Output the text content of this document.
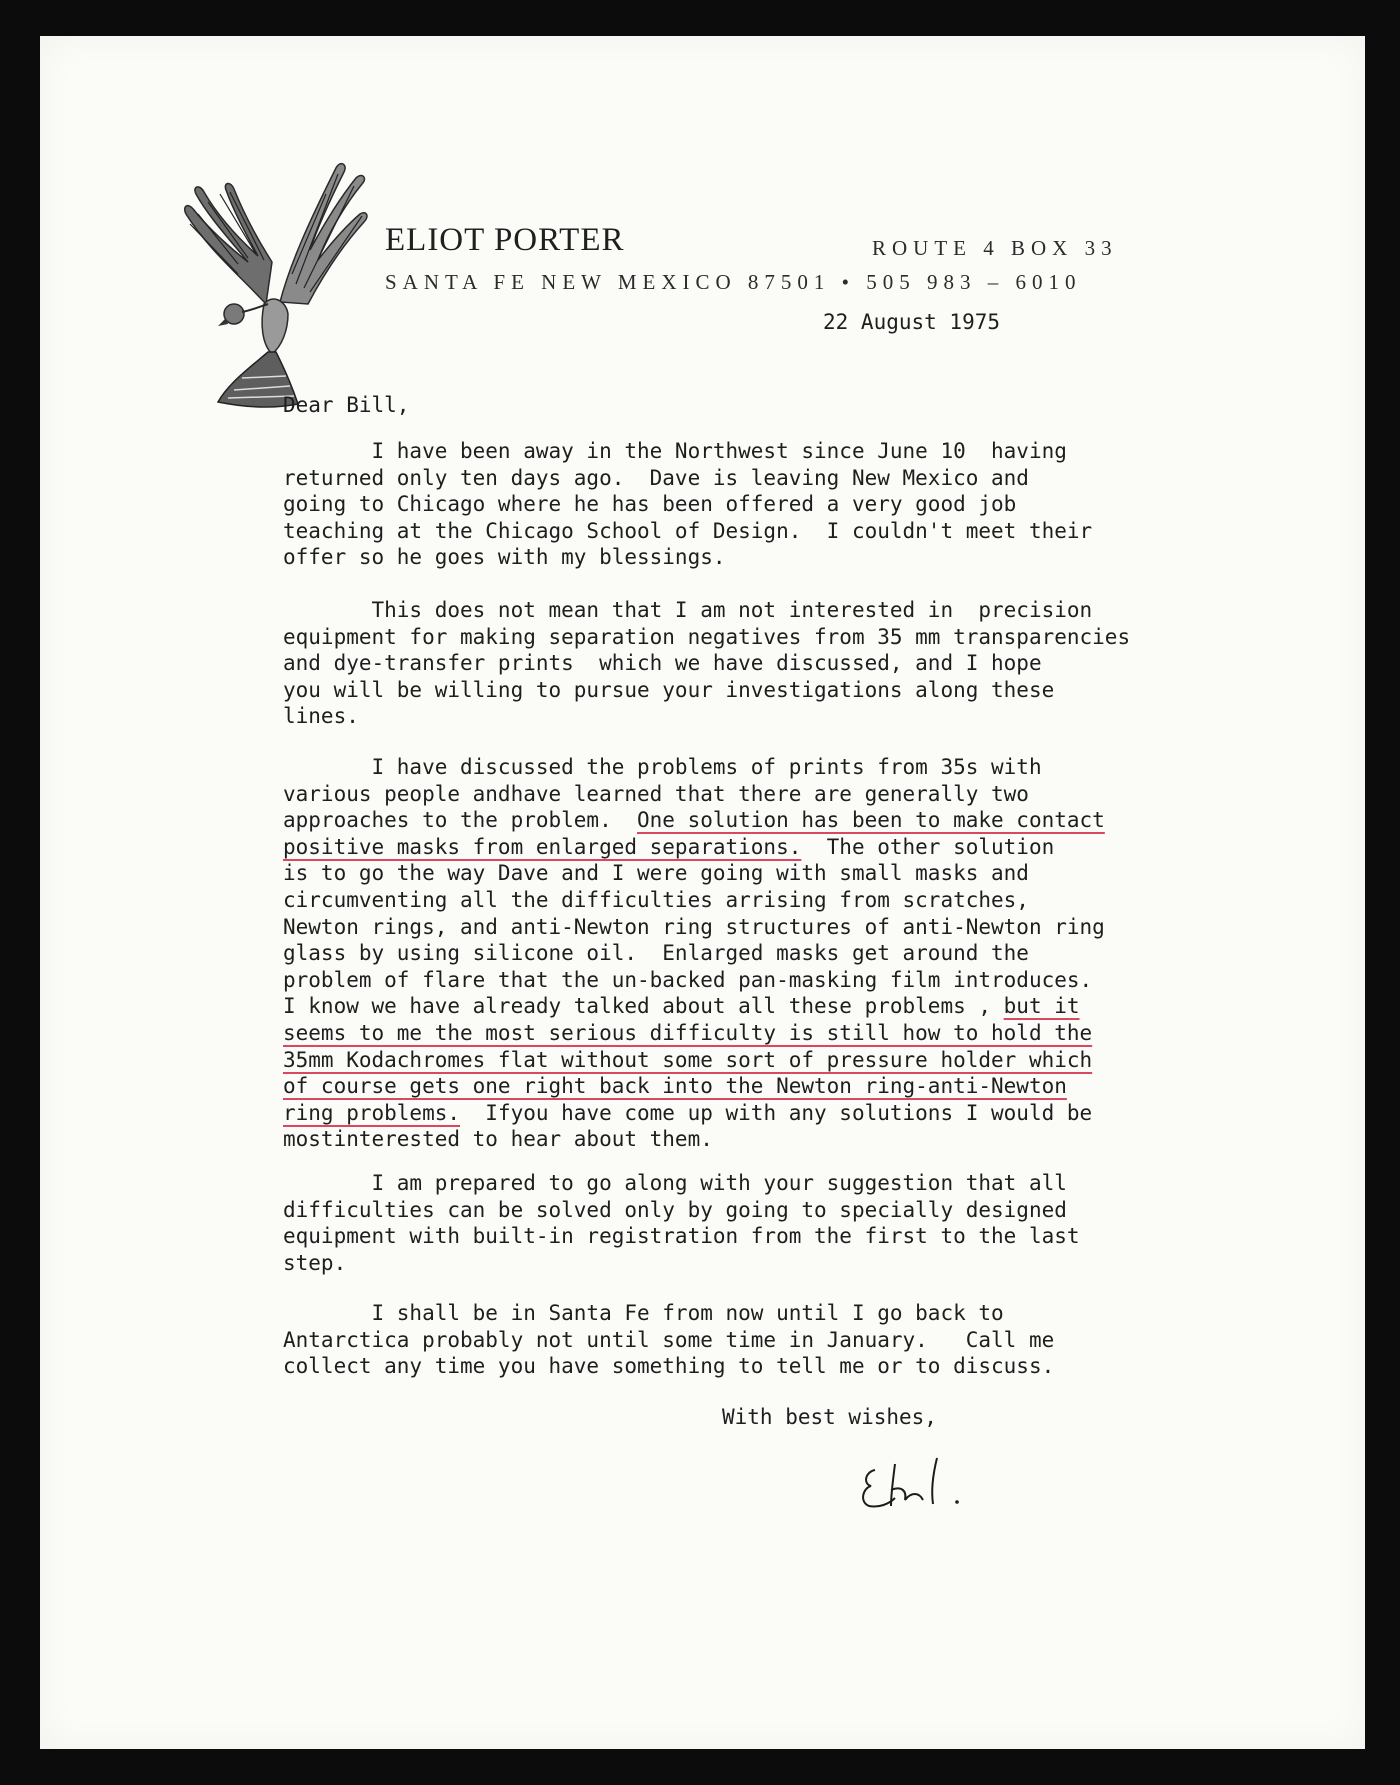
ELIOT PORTER	ROUTE 4 BOX 33
SANTA FE NEW MEXICO 87501 • 505 983 – 6010
22 August 1975
Dear Bill,
I have been away in the Northwest since June 10  having
returned only ten days ago.  Dave is leaving New Mexico and
going to Chicago where he has been offered a very good job
teaching at the Chicago School of Design.  I couldn't meet their
offer so he goes with my blessings.
This does not mean that I am not interested in  precision
equipment for making separation negatives from 35 mm transparencies
and dye-transfer prints  which we have discussed, and I hope
you will be willing to pursue your investigations along these
lines.
I have discussed the problems of prints from 35s with
various people andhave learned that there are generally two
approaches to the problem.  One solution has been to make contact
positive masks from enlarged separations.  The other solution
is to go the way Dave and I were going with small masks and
circumventing all the difficulties arrising from scratches,
Newton rings, and anti-Newton ring structures of anti-Newton ring
glass by using silicone oil.  Enlarged masks get around the
problem of flare that the un-backed pan-masking film introduces.
I know we have already talked about all these problems , but it
seems to me the most serious difficulty is still how to hold the
35mm Kodachromes flat without some sort of pressure holder which
of course gets one right back into the Newton ring-anti-Newton
ring problems.  Ifyou have come up with any solutions I would be
mostinterested to hear about them.
I am prepared to go along with your suggestion that all
difficulties can be solved only by going to specially designed
equipment with built-in registration from the first to the last
step.
I shall be in Santa Fe from now until I go back to
Antarctica probably not until some time in January.   Call me
collect any time you have something to tell me or to discuss.
With best wishes,
